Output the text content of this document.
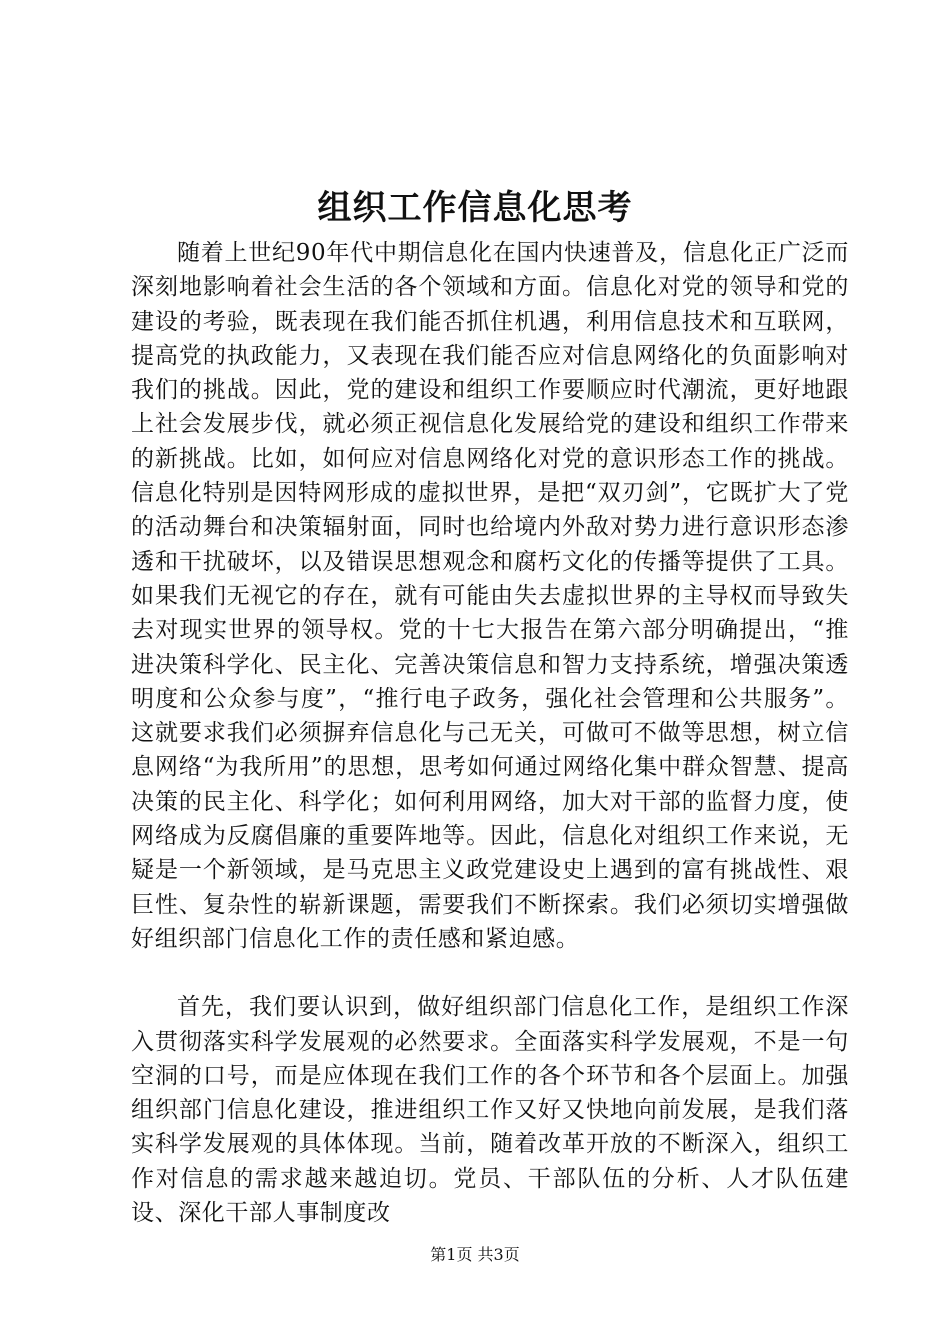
组织工作信息化思考

随着上世纪90年代中期信息化在国内快速普及，信息化正广泛而深刻地影响着社会生活的各个领域和方面。信息化对党的领导和党的建设的考验，既表现在我们能否抓住机遇，利用信息技术和互联网，提高党的执政能力，又表现在我们能否应对信息网络化的负面影响对我们的挑战。因此，党的建设和组织工作要顺应时代潮流，更好地跟上社会发展步伐，就必须正视信息化发展给党的建设和组织工作带来的新挑战。比如，如何应对信息网络化对党的意识形态工作的挑战。信息化特别是因特网形成的虚拟世界，是把“双刃剑”，它既扩大了党的活动舞台和决策辐射面，同时也给境内外敌对势力进行意识形态渗透和干扰破坏，以及错误思想观念和腐朽文化的传播等提供了工具。如果我们无视它的存在，就有可能由失去虚拟世界的主导权而导致失去对现实世界的领导权。党的十七大报告在第六部分明确提出，“推进决策科学化、民主化、完善决策信息和智力支持系统，增强决策透明度和公众参与度”，“推行电子政务，强化社会管理和公共服务”。这就要求我们必须摒弃信息化与己无关，可做可不做等思想，树立信息网络“为我所用”的思想，思考如何通过网络化集中群众智慧、提高决策的民主化、科学化；如何利用网络，加大对干部的监督力度，使网络成为反腐倡廉的重要阵地等。因此，信息化对组织工作来说，无疑是一个新领域，是马克思主义政党建设史上遇到的富有挑战性、艰巨性、复杂性的崭新课题，需要我们不断探索。我们必须切实增强做好组织部门信息化工作的责任感和紧迫感。

首先，我们要认识到，做好组织部门信息化工作，是组织工作深入贯彻落实科学发展观的必然要求。全面落实科学发展观，不是一句空洞的口号，而是应体现在我们工作的各个环节和各个层面上。加强组织部门信息化建设，推进组织工作又好又快地向前发展，是我们落实科学发展观的具体体现。当前，随着改革开放的不断深入，组织工作对信息的需求越来越迫切。党员、干部队伍的分析、人才队伍建设、深化干部人事制度改

第1页 共3页
